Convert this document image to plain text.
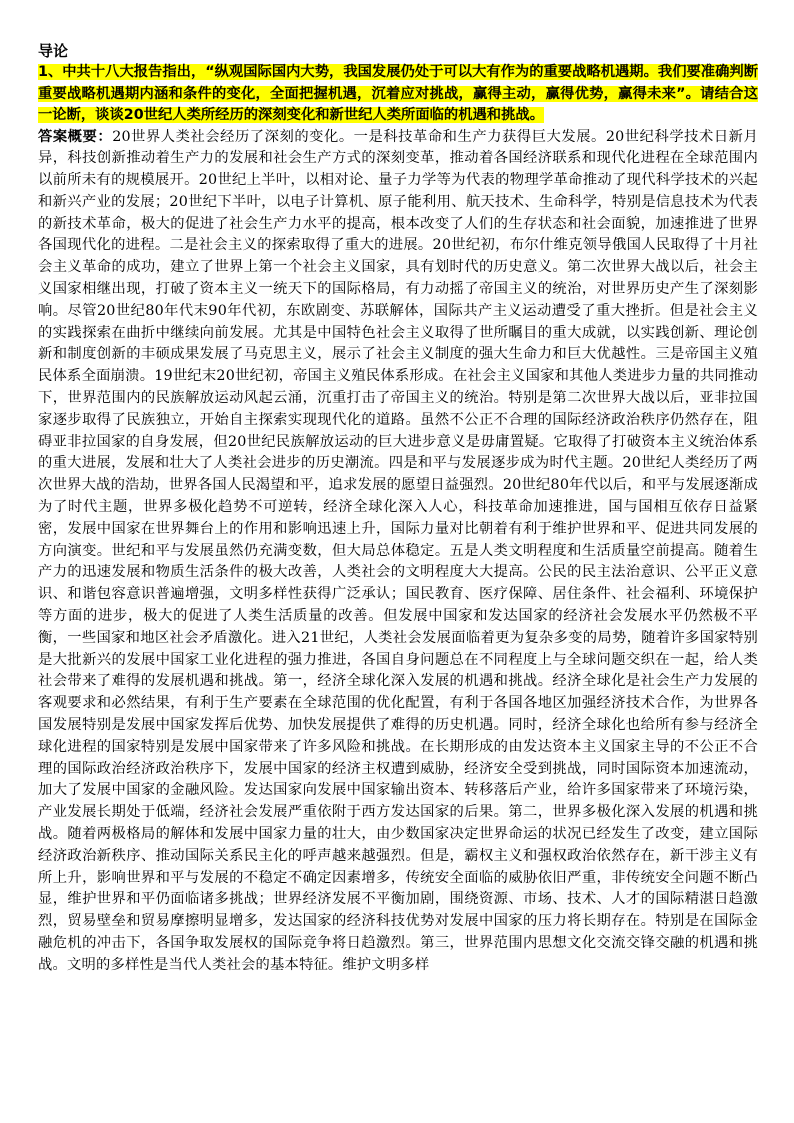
导论

1、中共十八大报告指出，“纵观国际国内大势，我国发展仍处于可以大有作为的重要战略机遇期。我们要准确判断重要战略机遇期内涵和条件的变化，全面把握机遇，沉着应对挑战，赢得主动，赢得优势，赢得未来”。请结合这一论断，谈谈20世纪人类所经历的深刻变化和新世纪人类所面临的机遇和挑战。

答案概要：20世界人类社会经历了深刻的变化。一是科技革命和生产力获得巨大发展。20世纪科学技术日新月异，科技创新推动着生产力的发展和社会生产方式的深刻变革，推动着各国经济联系和现代化进程在全球范围内以前所未有的规模展开。20世纪上半叶，以相对论、量子力学等为代表的物理学革命推动了现代科学技术的兴起和新兴产业的发展；20世纪下半叶，以电子计算机、原子能利用、航天技术、生命科学，特别是信息技术为代表的新技术革命，极大的促进了社会生产力水平的提高，根本改变了人们的生存状态和社会面貌，加速推进了世界各国现代化的进程。二是社会主义的探索取得了重大的进展。20世纪初，布尔什维克领导俄国人民取得了十月社会主义革命的成功，建立了世界上第一个社会主义国家，具有划时代的历史意义。第二次世界大战以后，社会主义国家相继出现，打破了资本主义一统天下的国际格局，有力动摇了帝国主义的统治，对世界历史产生了深刻影响。尽管20世纪80年代末90年代初，东欧剧变、苏联解体，国际共产主义运动遭受了重大挫折。但是社会主义的实践探索在曲折中继续向前发展。尤其是中国特色社会主义取得了世所瞩目的重大成就，以实践创新、理论创新和制度创新的丰硕成果发展了马克思主义，展示了社会主义制度的强大生命力和巨大优越性。三是帝国主义殖民体系全面崩溃。19世纪末20世纪初，帝国主义殖民体系形成。在社会主义国家和其他人类进步力量的共同推动下，世界范围内的民族解放运动风起云涌，沉重打击了帝国主义的统治。特别是第二次世界大战以后，亚非拉国家逐步取得了民族独立，开始自主探索实现现代化的道路。虽然不公正不合理的国际经济政治秩序仍然存在，阻碍亚非拉国家的自身发展，但20世纪民族解放运动的巨大进步意义是毋庸置疑。它取得了打破资本主义统治体系的重大进展，发展和壮大了人类社会进步的历史潮流。四是和平与发展逐步成为时代主题。20世纪人类经历了两次世界大战的浩劫，世界各国人民渴望和平，追求发展的愿望日益强烈。20世纪80年代以后，和平与发展逐渐成为了时代主题，世界多极化趋势不可逆转，经济全球化深入人心，科技革命加速推进，国与国相互依存日益紧密，发展中国家在世界舞台上的作用和影响迅速上升，国际力量对比朝着有利于维护世界和平、促进共同发展的方向演变。世纪和平与发展虽然仍充满变数，但大局总体稳定。五是人类文明程度和生活质量空前提高。随着生产力的迅速发展和物质生活条件的极大改善，人类社会的文明程度大大提高。公民的民主法治意识、公平正义意识、和谐包容意识普遍增强，文明多样性获得广泛承认；国民教育、医疗保障、居住条件、社会福利、环境保护等方面的进步，极大的促进了人类生活质量的改善。但发展中国家和发达国家的经济社会发展水平仍然极不平衡，一些国家和地区社会矛盾激化。进入21世纪，人类社会发展面临着更为复杂多变的局势，随着许多国家特别是大批新兴的发展中国家工业化进程的强力推进，各国自身问题总在不同程度上与全球问题交织在一起，给人类社会带来了难得的发展机遇和挑战。第一，经济全球化深入发展的机遇和挑战。经济全球化是社会生产力发展的客观要求和必然结果，有利于生产要素在全球范围的优化配置，有利于各国各地区加强经济技术合作，为世界各国发展特别是发展中国家发挥后优势、加快发展提供了难得的历史机遇。同时，经济全球化也给所有参与经济全球化进程的国家特别是发展中国家带来了许多风险和挑战。在长期形成的由发达资本主义国家主导的不公正不合理的国际政治经济政治秩序下，发展中国家的经济主权遭到威胁，经济安全受到挑战，同时国际资本加速流动，加大了发展中国家的金融风险。发达国家向发展中国家输出资本、转移落后产业，给许多国家带来了环境污染，产业发展长期处于低端，经济社会发展严重依附于西方发达国家的后果。第二，世界多极化深入发展的机遇和挑战。随着两极格局的解体和发展中国家力量的壮大，由少数国家决定世界命运的状况已经发生了改变，建立国际经济政治新秩序、推动国际关系民主化的呼声越来越强烈。但是，霸权主义和强权政治依然存在，新干涉主义有所上升，影响世界和平与发展的不稳定不确定因素增多，传统安全面临的威胁依旧严重，非传统安全问题不断凸显，维护世界和平仍面临诸多挑战；世界经济发展不平衡加剧，围绕资源、市场、技术、人才的国际精湛日趋激烈，贸易壁垒和贸易摩擦明显增多，发达国家的经济科技优势对发展中国家的压力将长期存在。特别是在国际金融危机的冲击下，各国争取发展权的国际竞争将日趋激烈。第三，世界范围内思想文化交流交锋交融的机遇和挑战。文明的多样性是当代人类社会的基本特征。维护文明多样
